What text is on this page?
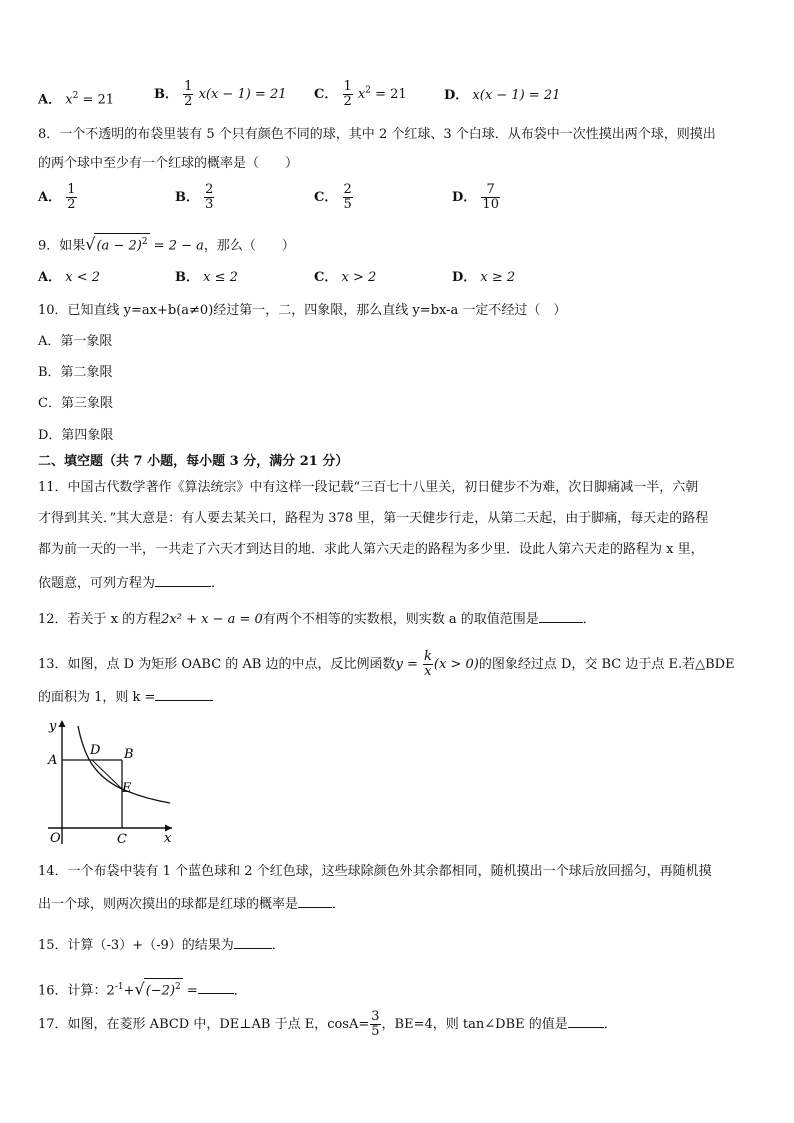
A． $x^2 = 21$	B． $\frac{1}{2} x(x - 1) = 21$ C． $\frac{1}{2} x^2 = 21$	D． x(x − 1) = 21
8．一个不透明的布袋里装有 5 个只有颜色不同的球，其中 2 个红球、3 个白球．从布袋中一次性摸出两个球，则摸出
的两个球中至少有一个红球的概率是（　　）
A． $\frac{1}{2}$	B． $\frac{2}{3}$	C． $\frac{2}{5}$	D． $\frac{7}{10}$
9．如果$√(a - 2)^2 = 2 - a$，那么（　　）
A． x < 2	B． x ≤ 2	C． x > 2	D． x ≥ 2
10．已知直线 y=ax+b(a≠0)经过第一，二，四象限，那么直线 y=bx-a 一定不经过（　）
A．第一象限
B．第二象限
C．第三象限
D．第四象限
二、填空题（共 7 小题，每小题 3 分，满分 21 分）
11．中国古代数学著作《算法统宗》中有这样一段记载“三百七十八里关，初日健步不为难，次日脚痛减一半，六朝
才得到其关．”其大意是：有人要去某关口，路程为 378 里，第一天健步行走，从第二天起，由于脚痛，每天走的路程
都为前一天的一半，一共走了六天才到达目的地．求此人第六天走的路程为多少里．设此人第六天走的路程为 x 里，
依题意，可列方程为	．
12．若关于 x 的方程2x² + x − a = 0有两个不相等的实数根，则实数 a 的取值范围是	．
13．如图，点 D 为矩形 OABC 的 AB 边的中点，反比例函数$y = \frac{k}{x} (x > 0)$的图象经过点 D，交 BC 边于点 E.若△BDE
的面积为 1，则 k =
y
x
O
A	B
C
D
E
14．一个布袋中装有 1 个蓝色球和 2 个红色球，这些球除颜色外其余都相同，随机摸出一个球后放回摇匀，再随机摸
出一个球，则两次摸出的球都是红球的概率是	．
15．计算（-3）+（-9）的结果为	．
16．计算：$2^{-1}+√(-2)^2$ =	．
17．如图，在菱形 ABCD 中，DE⊥AB 于点 E，$\cos A= \frac{3}{5}$ ，BE=4，则 tan∠DBE 的值是	．
